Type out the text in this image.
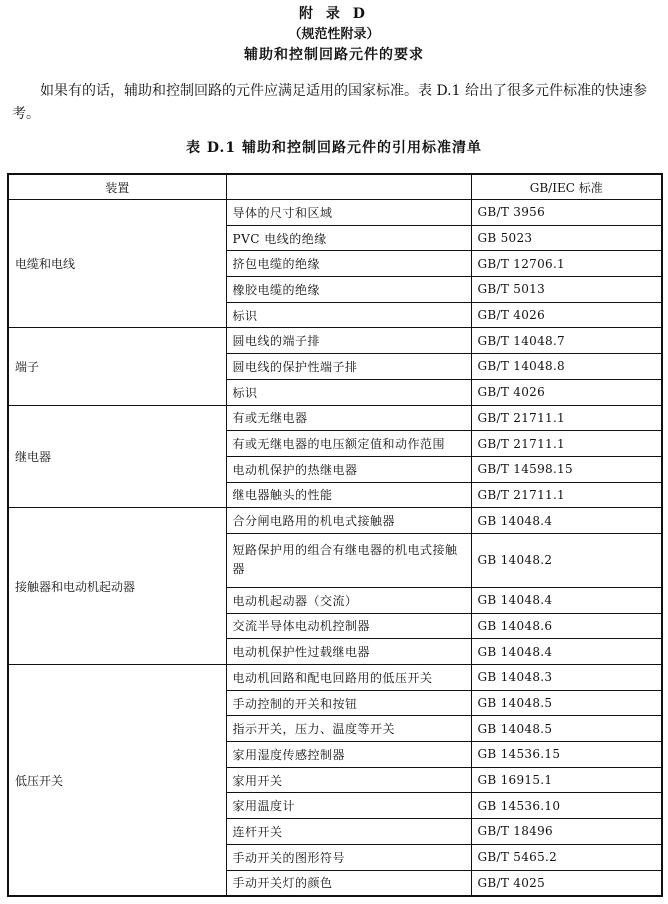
附 录 D
（规范性附录）
辅助和控制回路元件的要求

如果有的话，辅助和控制回路的元件应满足适用的国家标准。表 D.1 给出了很多元件标准的快速参考。

表 D.1 辅助和控制回路元件的引用标准清单
装置		GB/IEC 标准
电缆和电线	导体的尺寸和区域	GB/T 3956
	PVC 电线的绝缘	GB 5023
	挤包电缆的绝缘	GB/T 12706.1
	橡胶电缆的绝缘	GB/T 5013
	标识	GB/T 4026
端子	圆电线的端子排	GB/T 14048.7
	圆电线的保护性端子排	GB/T 14048.8
	标识	GB/T 4026
继电器	有或无继电器	GB/T 21711.1
	有或无继电器的电压额定值和动作范围	GB/T 21711.1
	电动机保护的热继电器	GB/T 14598.15
	继电器触头的性能	GB/T 21711.1
接触器和电动机起动器	合分闸电路用的机电式接触器	GB 14048.4
	短路保护用的组合有继电器的机电式接触器	GB 14048.2
	电动机起动器（交流）	GB 14048.4
	交流半导体电动机控制器	GB 14048.6
	电动机保护性过载继电器	GB 14048.4
低压开关	电动机回路和配电回路用的低压开关	GB 14048.3
	手动控制的开关和按钮	GB 14048.5
	指示开关，压力、温度等开关	GB 14048.5
	家用湿度传感控制器	GB 14536.15
	家用开关	GB 16915.1
	家用温度计	GB 14536.10
	连杆开关	GB/T 18496
	手动开关的图形符号	GB/T 5465.2
	手动开关灯的颜色	GB/T 4025
